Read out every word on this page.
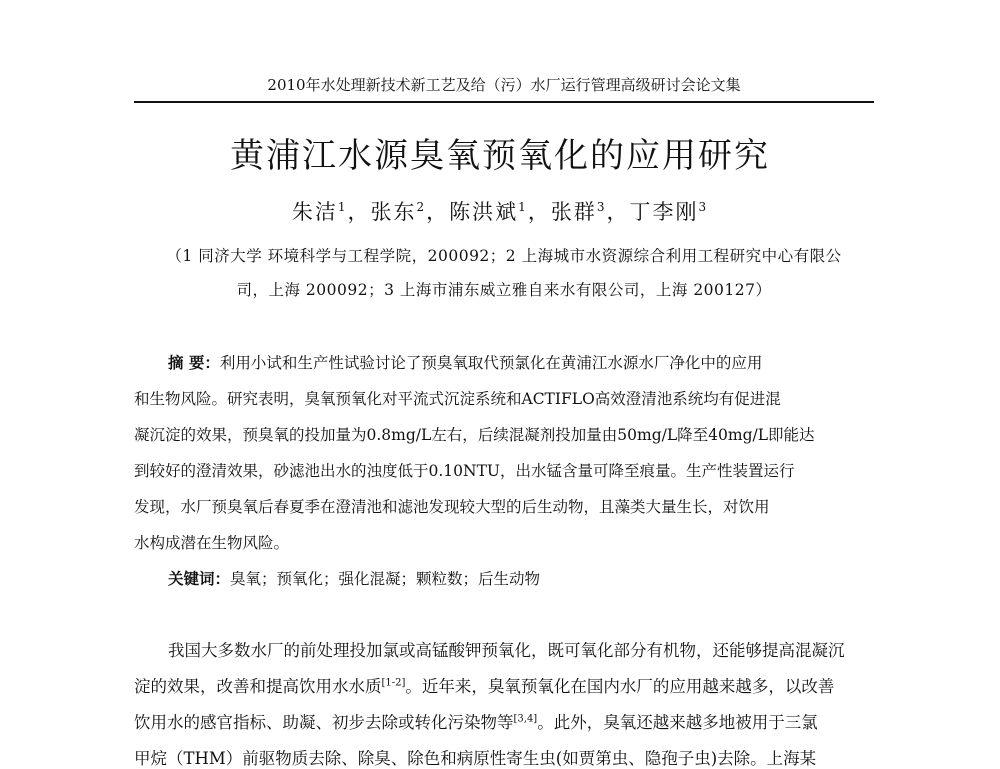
2010年水处理新技术新工艺及给（污）水厂运行管理高级研讨会论文集
黄浦江水源臭氧预氧化的应用研究
朱洁$^1$，张东$^2$，陈洪斌$^1$，张群$^3$，丁李刚$^3$
（1 同济大学 环境科学与工程学院，200092；2 上海城市水资源综合利用工程研究中心有限公
司，上海 200092；3 上海市浦东威立雅自来水有限公司，上海 200127）
摘 要：利用小试和生产性试验讨论了预臭氧取代预氯化在黄浦江水源水厂净化中的应用
和生物风险。研究表明，臭氧预氧化对平流式沉淀系统和ACTIFLO高效澄清池系统均有促进混
凝沉淀的效果，预臭氧的投加量为0.8mg/L左右，后续混凝剂投加量由50mg/L降至40mg/L即能达
到较好的澄清效果，砂滤池出水的浊度低于0.10NTU，出水锰含量可降至痕量。生产性装置运行
发现，水厂预臭氧后春夏季在澄清池和滤池发现较大型的后生动物，且藻类大量生长，对饮用
水构成潜在生物风险。
关键词：臭氧；预氧化；强化混凝；颗粒数；后生动物
我国大多数水厂的前处理投加氯或高锰酸钾预氧化，既可氧化部分有机物，还能够提高混凝沉
淀的效果，改善和提高饮用水水质[1-2]。近年来，臭氧预氧化在国内水厂的应用越来越多，以改善
饮用水的感官指标、助凝、初步去除或转化污染物等[3,4]。此外，臭氧还越来越多地被用于三氯
甲烷（THM）前驱物质去除、除臭、除色和病原性寄生虫(如贾第虫、隐孢子虫)去除。上海某
